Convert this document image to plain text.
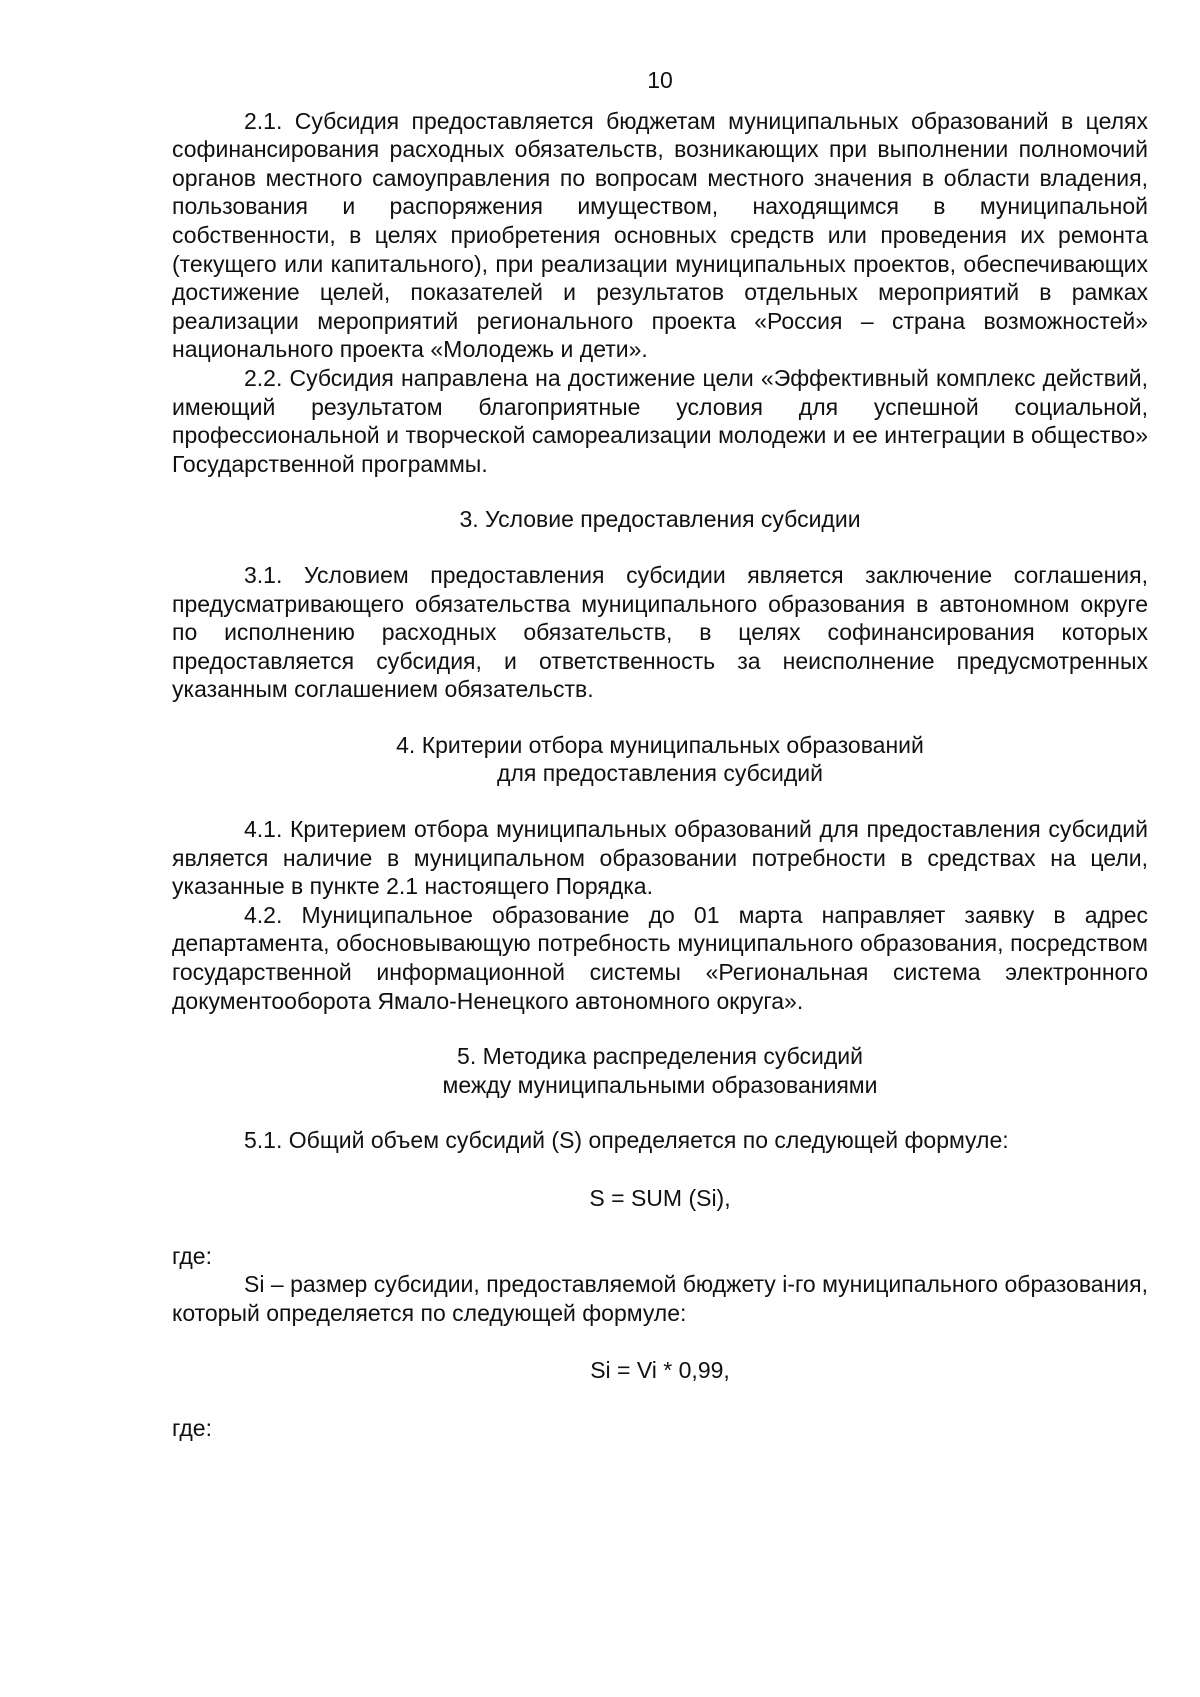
10

2.1. Субсидия предоставляется бюджетам муниципальных образований в целях софинансирования расходных обязательств, возникающих при выполнении полномочий органов местного самоуправления по вопросам местного значения в области владения, пользования и распоряжения имуществом, находящимся в муниципальной собственности, в целях приобретения основных средств или проведения их ремонта (текущего или капитального), при реализации муниципальных проектов, обеспечивающих достижение целей, показателей и результатов отдельных мероприятий в рамках реализации мероприятий регионального проекта «Россия – страна возможностей» национального проекта «Молодежь и дети».

2.2. Субсидия направлена на достижение цели «Эффективный комплекс действий, имеющий результатом благоприятные условия для успешной социальной, профессиональной и творческой самореализации молодежи и ее интеграции в общество» Государственной программы.

3. Условие предоставления субсидии

3.1. Условием предоставления субсидии является заключение соглашения, предусматривающего обязательства муниципального образования в автономном округе по исполнению расходных обязательств, в целях софинансирования которых предоставляется субсидия, и ответственность за неисполнение предусмотренных указанным соглашением обязательств.

4. Критерии отбора муниципальных образований
для предоставления субсидий

4.1. Критерием отбора муниципальных образований для предоставления субсидий является наличие в муниципальном образовании потребности в средствах на цели, указанные в пункте 2.1 настоящего Порядка.

4.2. Муниципальное образование до 01 марта направляет заявку в адрес департамента, обосновывающую потребность муниципального образования, посредством государственной информационной системы «Региональная система электронного документооборота Ямало-Ненецкого автономного округа».

5. Методика распределения субсидий
между муниципальными образованиями

5.1. Общий объем субсидий (S) определяется по следующей формуле:

S = SUM (Si),

где:

Si – размер субсидии, предоставляемой бюджету i-го муниципального образования, который определяется по следующей формуле:

Si = Vi * 0,99,

где:
